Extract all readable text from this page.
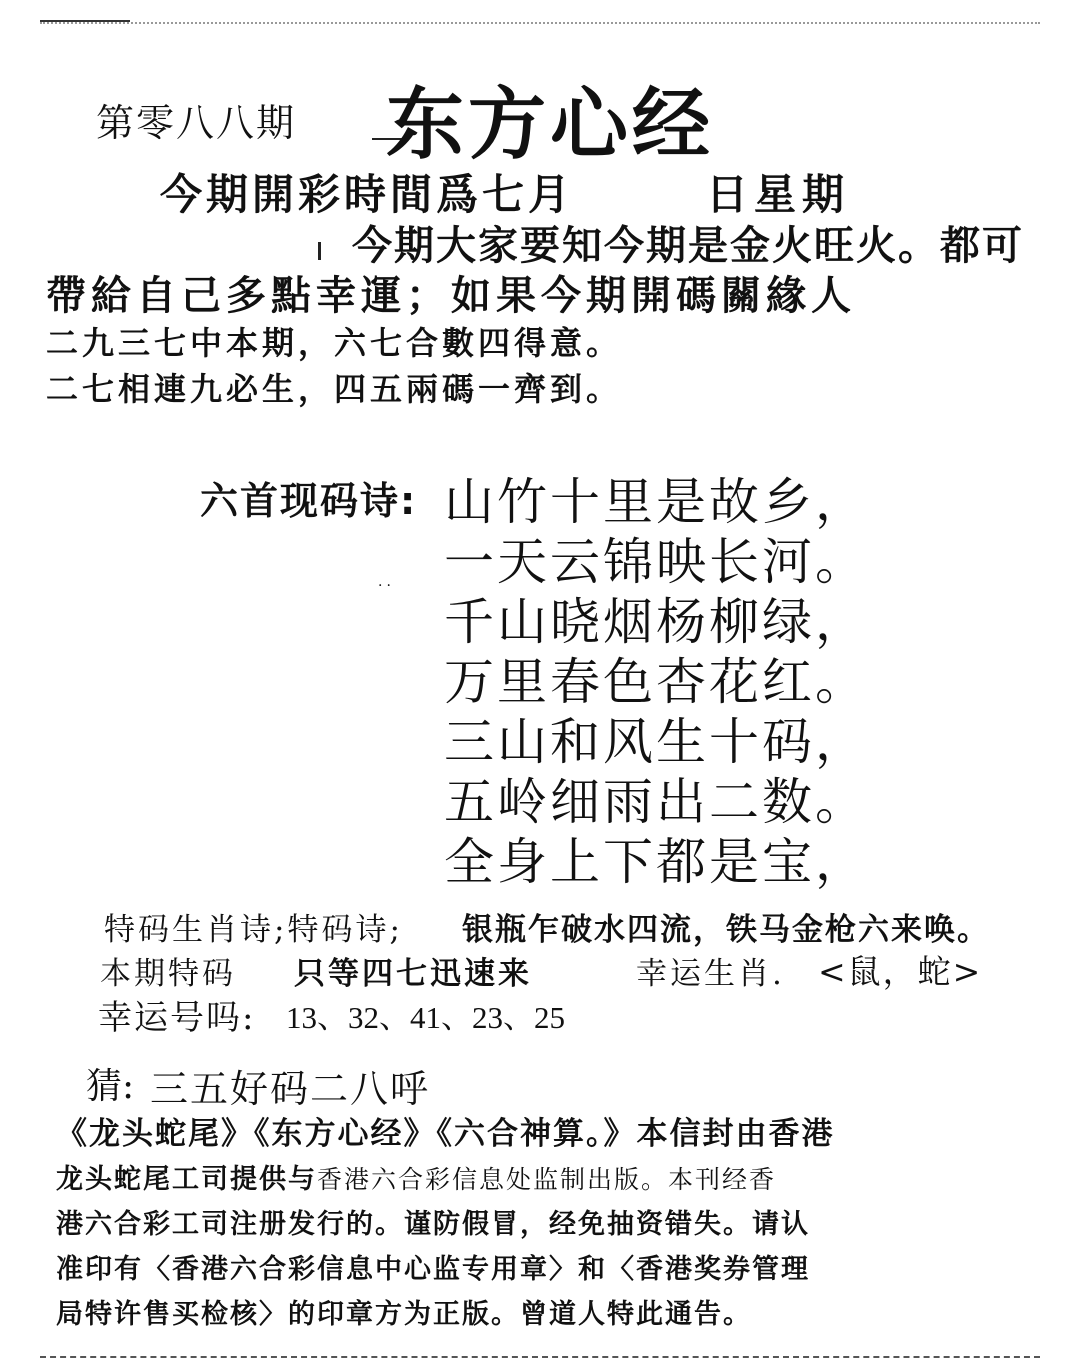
第零八八期 东方心经
今期開彩時間爲七月	日星期
今期大家要知今期是金火旺火。都可
帶給自己多點幸運；如果今期開碼關緣人
二九三七中本期，六七合數四得意。
二七相連九必生，四五兩碼一齊到。
六首现码诗:
··
山竹十里是故乡，
一天云锦映长河。
千山晓烟杨柳绿，
万里春色杏花红。
三山和风生十码，
五岭细雨出二数。
全身上下都是宝，
特码生肖诗;特码诗; 银瓶乍破水四流，铁马金枪六来唤。
本期特码 只等四七迅速来	幸运生肖. <鼠，蛇>
幸运号吗: 13、32、41、23、25
猜: 三五好码二八呼
《龙头蛇尾》《东方心经》《六合神算。》本信封由香港
龙头蛇尾工司提供与香港六合彩信息处监制出版。本刊经香
港六合彩工司注册发行的。谨防假冒，经免抽资错失。请认
准印有〈香港六合彩信息中心监专用章〉和〈香港奖券管理
局特许售买检核〉的印章方为正版。曾道人特此通告。
